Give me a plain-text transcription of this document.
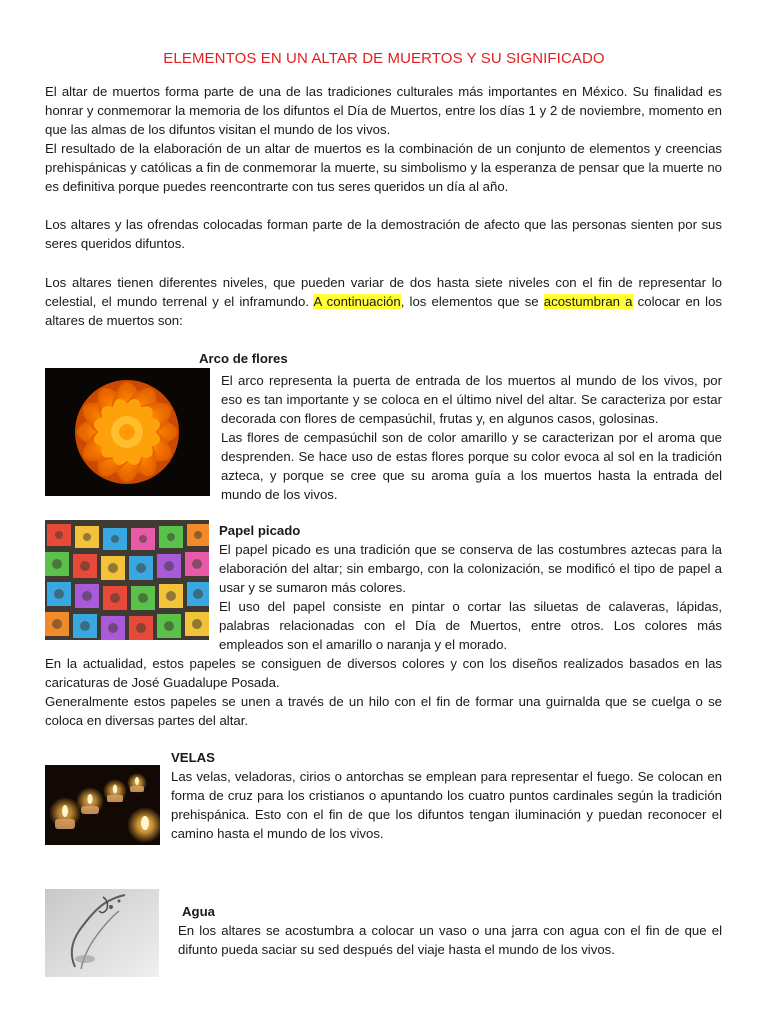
ELEMENTOS EN UN ALTAR DE MUERTOS Y SU SIGNIFICADO
El altar de muertos forma parte de una de las tradiciones culturales más importantes en México. Su finalidad es honrar y conmemorar la memoria de los difuntos el Día de Muertos, entre los días 1 y 2 de noviembre, momento en que las almas de los difuntos visitan el mundo de los vivos.
El resultado de la elaboración de un altar de muertos es la combinación de un conjunto de elementos y creencias prehispánicas y católicas a fin de conmemorar la muerte, su simbolismo y la esperanza de pensar que la muerte no es definitiva porque puedes reencontrarte con tus seres queridos un día al año.
Los altares y las ofrendas colocadas forman parte de la demostración de afecto que las personas sienten por sus seres queridos difuntos.
Los altares tienen diferentes niveles, que pueden variar de dos hasta siete niveles con el fin de representar lo celestial, el mundo terrenal y el inframundo. A continuación, los elementos que se acostumbran a colocar en los altares de muertos son:
Arco de flores
El arco representa la puerta de entrada de los muertos al mundo de los vivos, por eso es tan importante y se coloca en el último nivel del altar. Se caracteriza por estar decorada con flores de cempasúchil, frutas y, en algunos casos, golosinas.
Las flores de cempasúchil son de color amarillo y se caracterizan por el aroma que desprenden. Se hace uso de estas flores porque su color evoca al sol en la tradición azteca, y porque se cree que su aroma guía a los muertos hasta la entrada del mundo de los vivos.
Papel picado
El papel picado es una tradición que se conserva de las costumbres aztecas para la elaboración del altar; sin embargo, con la colonización, se modificó el tipo de papel a usar y se sumaron más colores.
El uso del papel consiste en pintar o cortar las siluetas de calaveras, lápidas, palabras relacionadas con el Día de Muertos, entre otros. Los colores más empleados son el amarillo o naranja y el morado.
En la actualidad, estos papeles se consiguen de diversos colores y con los diseños realizados basados en las caricaturas de José Guadalupe Posada.
Generalmente estos papeles se unen a través de un hilo con el fin de formar una guirnalda que se cuelga o se coloca en diversas partes del altar.
VELAS
Las velas, veladoras, cirios o antorchas se emplean para representar el fuego. Se colocan en forma de cruz para los cristianos o apuntando los cuatro puntos cardinales según la tradición prehispánica. Esto con el fin de que los difuntos tengan iluminación y puedan reconocer el camino hasta el mundo de los vivos.
Agua
En los altares se acostumbra a colocar un vaso o una jarra con agua con el fin de que el difunto pueda saciar su sed después del viaje hasta el mundo de los vivos.
